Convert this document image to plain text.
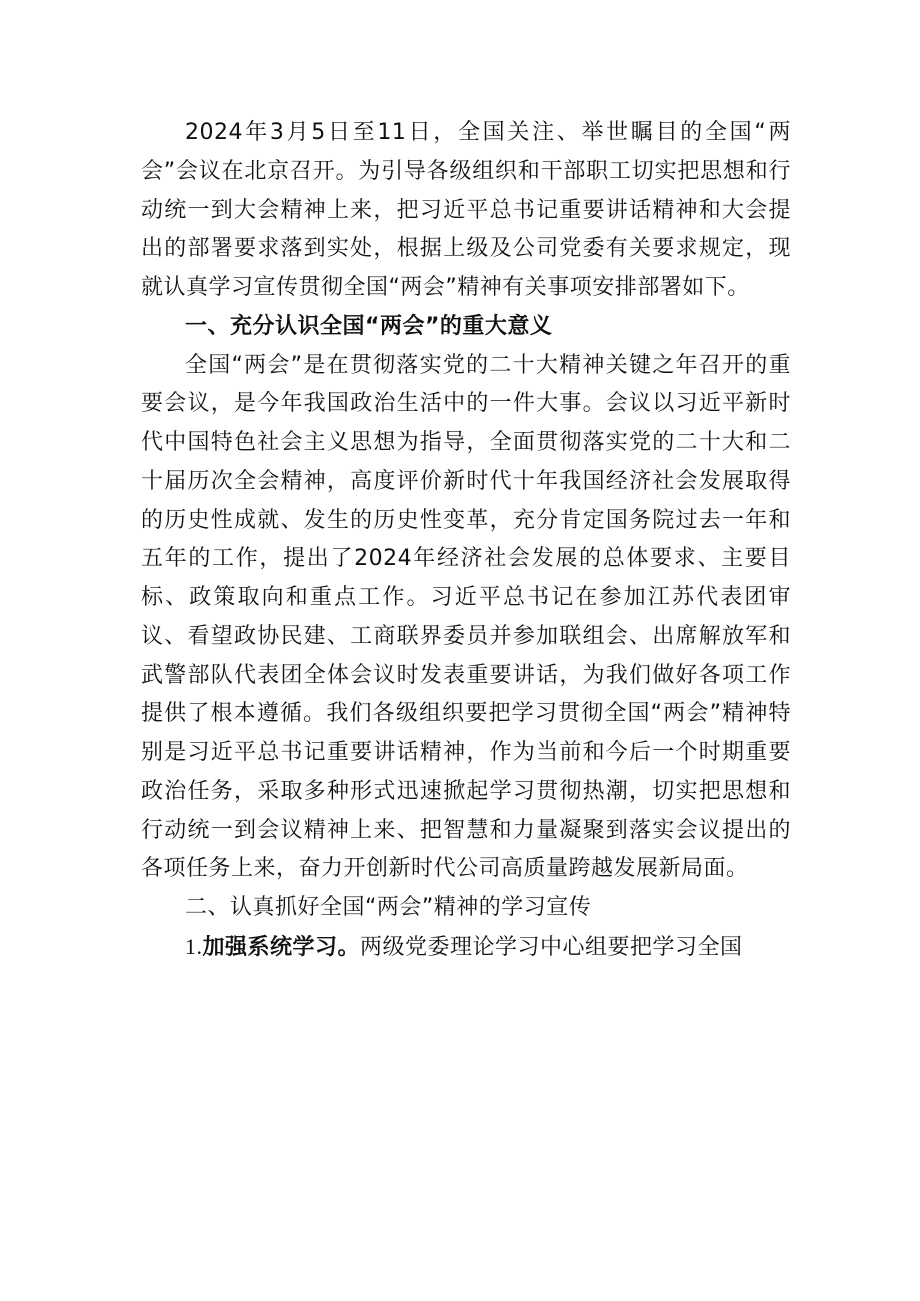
2024年3月5日至11日，全国关注、举世瞩目的全国“两会”会议在北京召开。为引导各级组织和干部职工切实把思想和行动统一到大会精神上来，把习近平总书记重要讲话精神和大会提出的部署要求落到实处，根据上级及公司党委有关要求规定，现就认真学习宣传贯彻全国“两会”精神有关事项安排部署如下。

一、充分认识全国“两会”的重大意义

全国“两会”是在贯彻落实党的二十大精神关键之年召开的重要会议，是今年我国政治生活中的一件大事。会议以习近平新时代中国特色社会主义思想为指导，全面贯彻落实党的二十大和二十届历次全会精神，高度评价新时代十年我国经济社会发展取得的历史性成就、发生的历史性变革，充分肯定国务院过去一年和五年的工作，提出了2024年经济社会发展的总体要求、主要目标、政策取向和重点工作。习近平总书记在参加江苏代表团审议、看望政协民建、工商联界委员并参加联组会、出席解放军和武警部队代表团全体会议时发表重要讲话，为我们做好各项工作提供了根本遵循。我们各级组织要把学习贯彻全国“两会”精神特别是习近平总书记重要讲话精神，作为当前和今后一个时期重要政治任务，采取多种形式迅速掀起学习贯彻热潮，切实把思想和行动统一到会议精神上来、把智慧和力量凝聚到落实会议提出的各项任务上来，奋力开创新时代公司高质量跨越发展新局面。

二、认真抓好全国“两会”精神的学习宣传

1.加强系统学习。两级党委理论学习中心组要把学习全国
